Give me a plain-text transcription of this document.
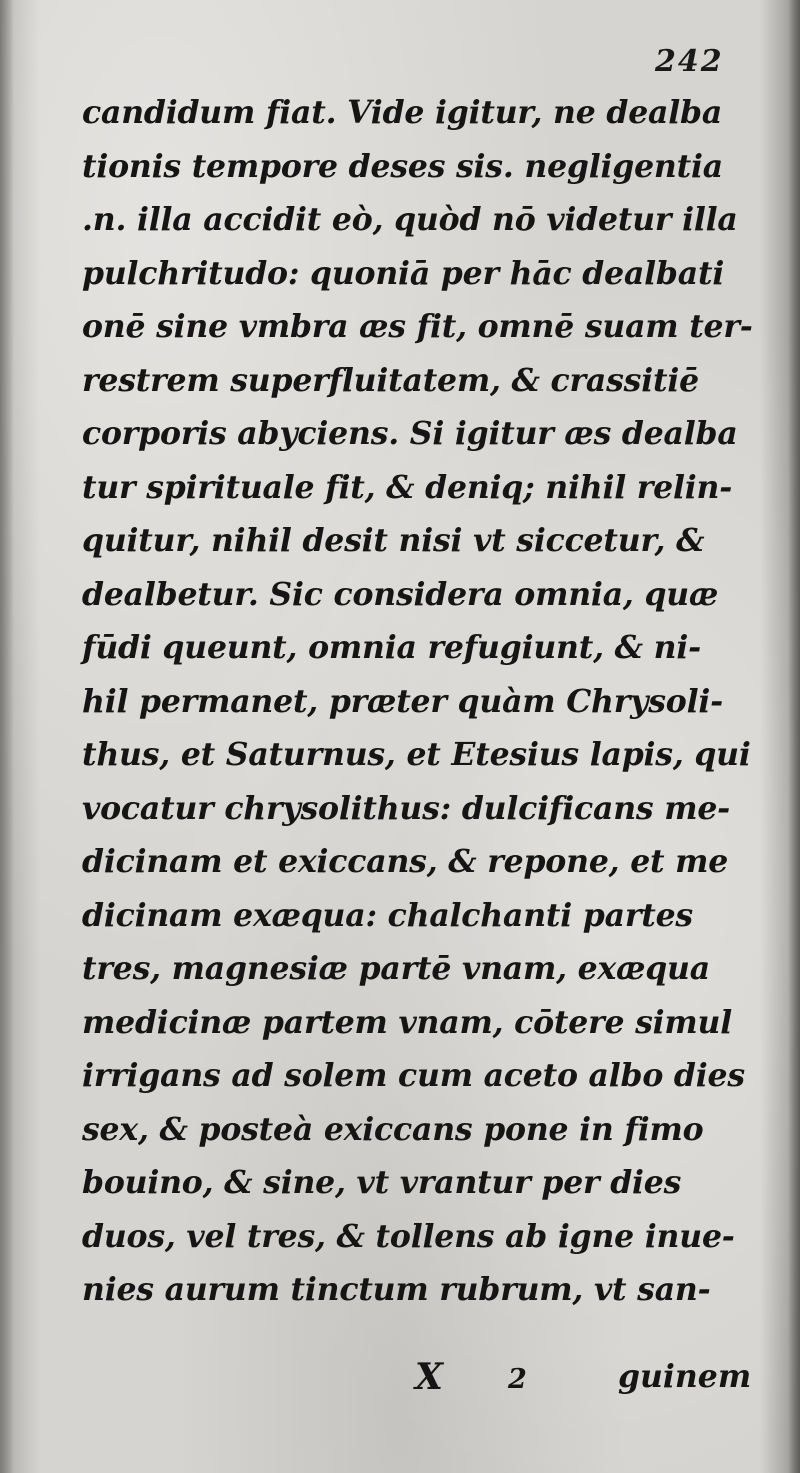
242
candidum fiat. Vide igitur, ne dealba
tionis tempore deses sis. negligentia
.n. illa accidit eò, quòd nō videtur illa
pulchritudo: quoniā per hāc dealbati
onē sine vmbra æs fit, omnē suam ter-
restrem superfluitatem, & crassitiē
corporis abyciens. Si igitur æs dealba
tur spirituale fit, & deniq; nihil relin-
quitur, nihil desit nisi vt siccetur, &
dealbetur. Sic considera omnia, quæ
fūdi queunt, omnia refugiunt, & ni-
hil permanet, præter quàm Chrysoli-
thus, et Saturnus, et Etesius lapis, qui
vocatur chrysolithus: dulcificans me-
dicinam et exiccans, & repone, et me
dicinam exæqua: chalchanti partes
tres, magnesiæ partē vnam, exæqua
medicinæ partem vnam, cōtere simul
irrigans ad solem cum aceto albo dies
sex, & posteà exiccans pone in fimo
bouino, & sine, vt vrantur per dies
duos, vel tres, & tollens ab igne inue-
nies aurum tinctum rubrum, vt san-
X 2	guinem
